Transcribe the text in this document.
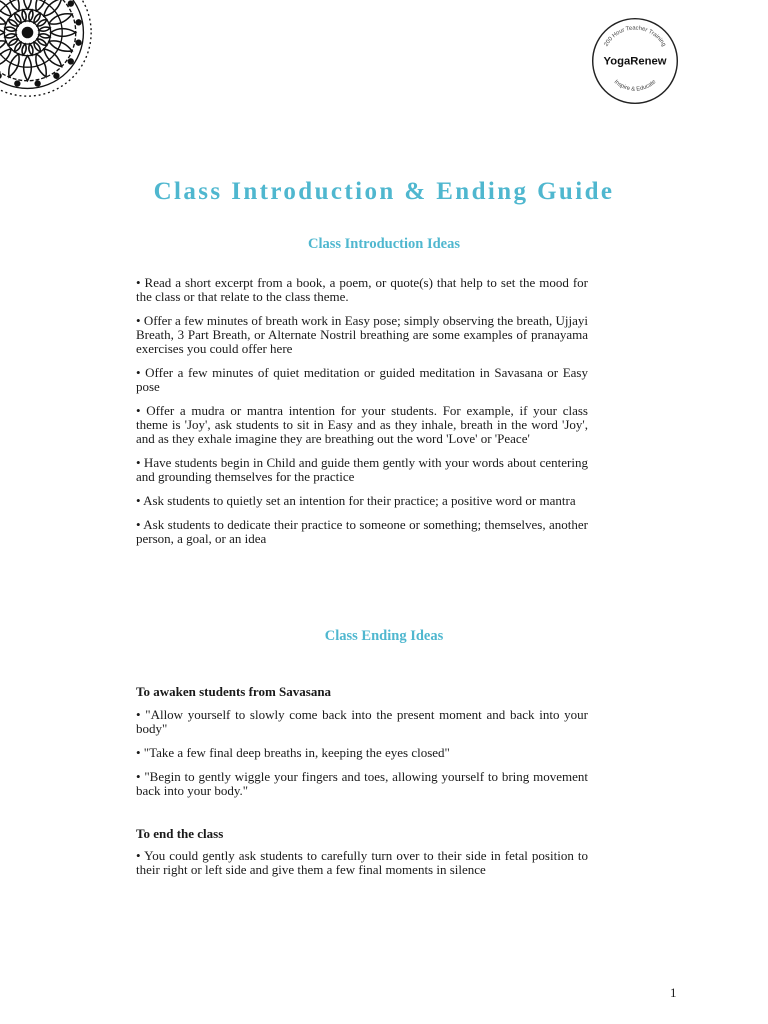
200 Hour Teacher Training
Inspire & Educate
YogaRenew
Class Introduction & Ending Guide
Class Introduction Ideas

• Read a short excerpt from a book, a poem, or quote(s) that help to set the mood for the class or that relate to the class theme.

• Offer a few minutes of breath work in Easy pose; simply observing the breath, Ujjayi Breath, 3 Part Breath, or Alternate Nostril breathing are some examples of pranayama exercises you could offer here

• Offer a few minutes of quiet meditation or guided meditation in Savasana or Easy pose

• Offer a mudra or mantra intention for your students. For example, if your class theme is 'Joy', ask students to sit in Easy and as they inhale, breath in the word 'Joy', and as they exhale imagine they are breathing out the word 'Love' or 'Peace'

• Have students begin in Child and guide them gently with your words about centering and grounding themselves for the practice

• Ask students to quietly set an intention for their practice; a positive word or mantra

• Ask students to dedicate their practice to someone or something; themselves, another person, a goal, or an idea

Class Ending Ideas

To awaken students from Savasana

• "Allow yourself to slowly come back into the present moment and back into your body"

• "Take a few final deep breaths in, keeping the eyes closed"

• "Begin to gently wiggle your fingers and toes, allowing yourself to bring movement back into your body."

To end the class

• You could gently ask students to carefully turn over to their side in fetal position to their right or left side and give them a few final moments in silence

1
